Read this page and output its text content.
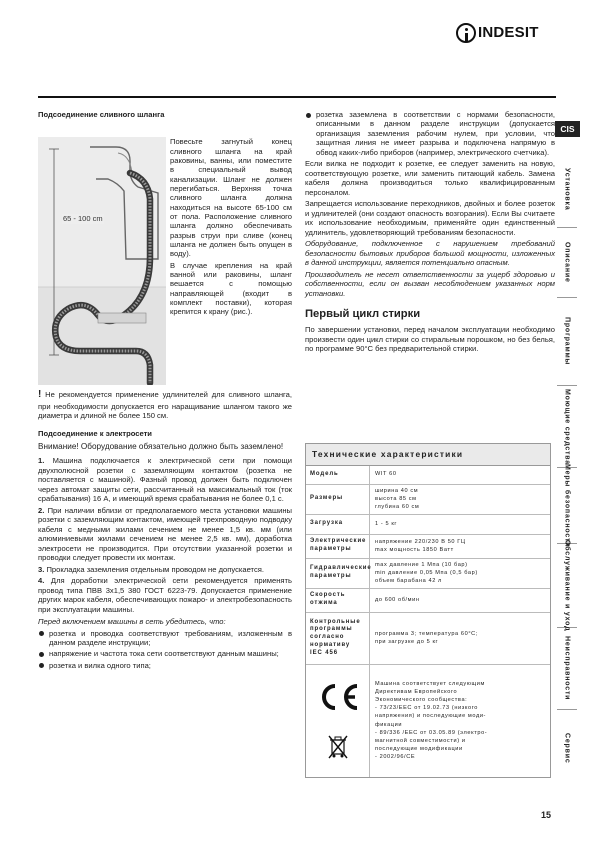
INDESIT
Подсоединение сливного шланга
65 - 100 cm

Повесьте загнутый конец сливного шланга на край раковины, ванны, или поместите в специальный вывод канализации. Шланг не должен перегибаться. Верхняя точка сливного шланга должна находиться на высоте 65-100 см от пола. Расположение сливного шланга должно обеспечивать разрыв струи при сливе (конец шланга не должен быть опущен в воду).

В случае крепления на край ванной или раковины, шланг вешается с помощью направляющей (входит в комплект поставки), которая крепится к крану (рис.).

! Не рекомендуется применение удлинителей для сливного шланга, при необходимости допускается его наращивание шлангом такого же диаметра и длиной не более 150 см.

Подсоединение к электросети
Внимание! Оборудование обязательно должно быть заземлено!

1. Машина подключается к электрической сети при помощи двухполюсной розетки с заземляющим контактом (розетка не поставляется с машиной). Фазный провод должен быть подключен через автомат защиты сети, рассчитанный на максимальный ток (ток срабатывания) 16 А, и имеющий время срабатывания не более 0,1 с.

2. При наличии вблизи от предполагаемого места установки машины розетки с заземляющим контактом, имеющей трехпроводную подводку кабеля с медными жилами сечением не менее 1,5 кв. мм (или алюминиевыми жилами сечением не менее 2,5 кв. мм), доработка электросети не производится. При отсутствии указанной розетки и проводки следует провести их монтаж.

3. Прокладка заземления отдельным проводом не допускается.

4. Для доработки электрической сети рекомендуется применять провод типа ПВВ 3х1,5 380 ГОСТ 6223-79. Допускается применение других марок кабеля, обеспечивающих пожаро- и электробезопасность при эксплуатации машины.

Перед включением машины в сеть убедитесь, что:

розетка и проводка соответствуют требованиям, изложенным в данном разделе инструкции;
напряжение и частота тока сети соответствуют данным машины;
розетка и вилка одного типа;
розетка заземлена в соответствии с нормами безопасности, описанными в данном разделе инструкции (допускается организация заземления рабочим нулем, при условии, что защитная линия не имеет разрыва и подключена напрямую в обвод каких-либо приборов (например, электрического счетчика).

Если вилка не подходит к розетке, ее следует заменить на новую, соответствующую розетке, или заменить питающий кабель. Замена кабеля должна производиться только квалифицированным персоналом.

Запрещается использование переходников, двойных и более розеток и удлинителей (они создают опасность возгорания). Если Вы считаете их использование необходимым, применяйте один единственный удлинитель, удовлетворяющий требованиям безопасности.

Оборудование, подключенное с нарушением требований безопасности бытовых приборов большой мощности, изложенных в данной инструкции, является потенциально опасным.

Производитель не несет ответственности за ущерб здоровью и собственности, если он вызван несоблюдением указанных норм установки.

Первый цикл стирки

По завершении установки, перед началом эксплуатации необходимо произвести один цикл стирки со стиральным порошком, но без белья, по программе 90°С без предварительной стирки.

Технические характеристики
Модель	WIT 60
Размеры
ширина 40 см
высота 85 см
глубина 60 см
Загрузка	1 - 5 кг
Электрические параметры
напряжение 220/230 В 50 ГЦ
max мощность 1850 Ватт
Гидравлические параметры
max давление 1 Mпа (10 бар)
min давление 0,05 Mпа (0,5 бар)
объем барабана 42 л
Скорость отжима
до 600 об/мин
Контрольные программы согласно нормативу IEC 456
программа 3; температура 60°С;
при загрузке до 5 кг
Машина соответствует следующим
Директивам Европейского
Экономического сообщества:
- 73/23/EEC от 19.02.73 (низкого
напряжения) и последующие моди-
фикации
- 89/336 /EEC от 03.05.89 (электро-
магнитной совместимости) и
последующие модификации
- 2002/96/CE
CIS
Установка
Описание
Программы
Моющие средства
Меры безопасности
Обслуживание и уход
Неисправности
Сервис
15
